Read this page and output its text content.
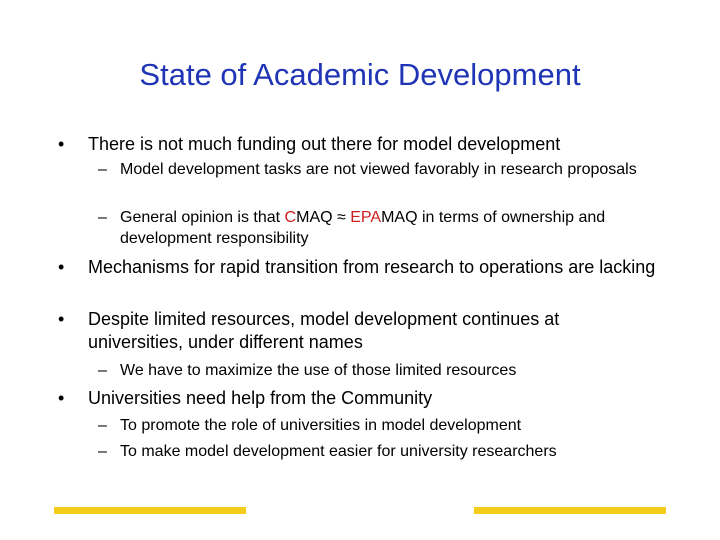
State of Academic Development
•	There is not much funding out there for model development
– Model development tasks are not viewed favorably in research proposals
– General opinion is that CMAQ ≈ EPAMAQ in terms of ownership and development responsibility
•	Mechanisms for rapid transition from research to operations are lacking
•	Despite limited resources, model development continues at universities, under different names
– We have to maximize the use of those limited resources
•	Universities need help from the Community
– To promote the role of universities in model development
– To make model development easier for university researchers
